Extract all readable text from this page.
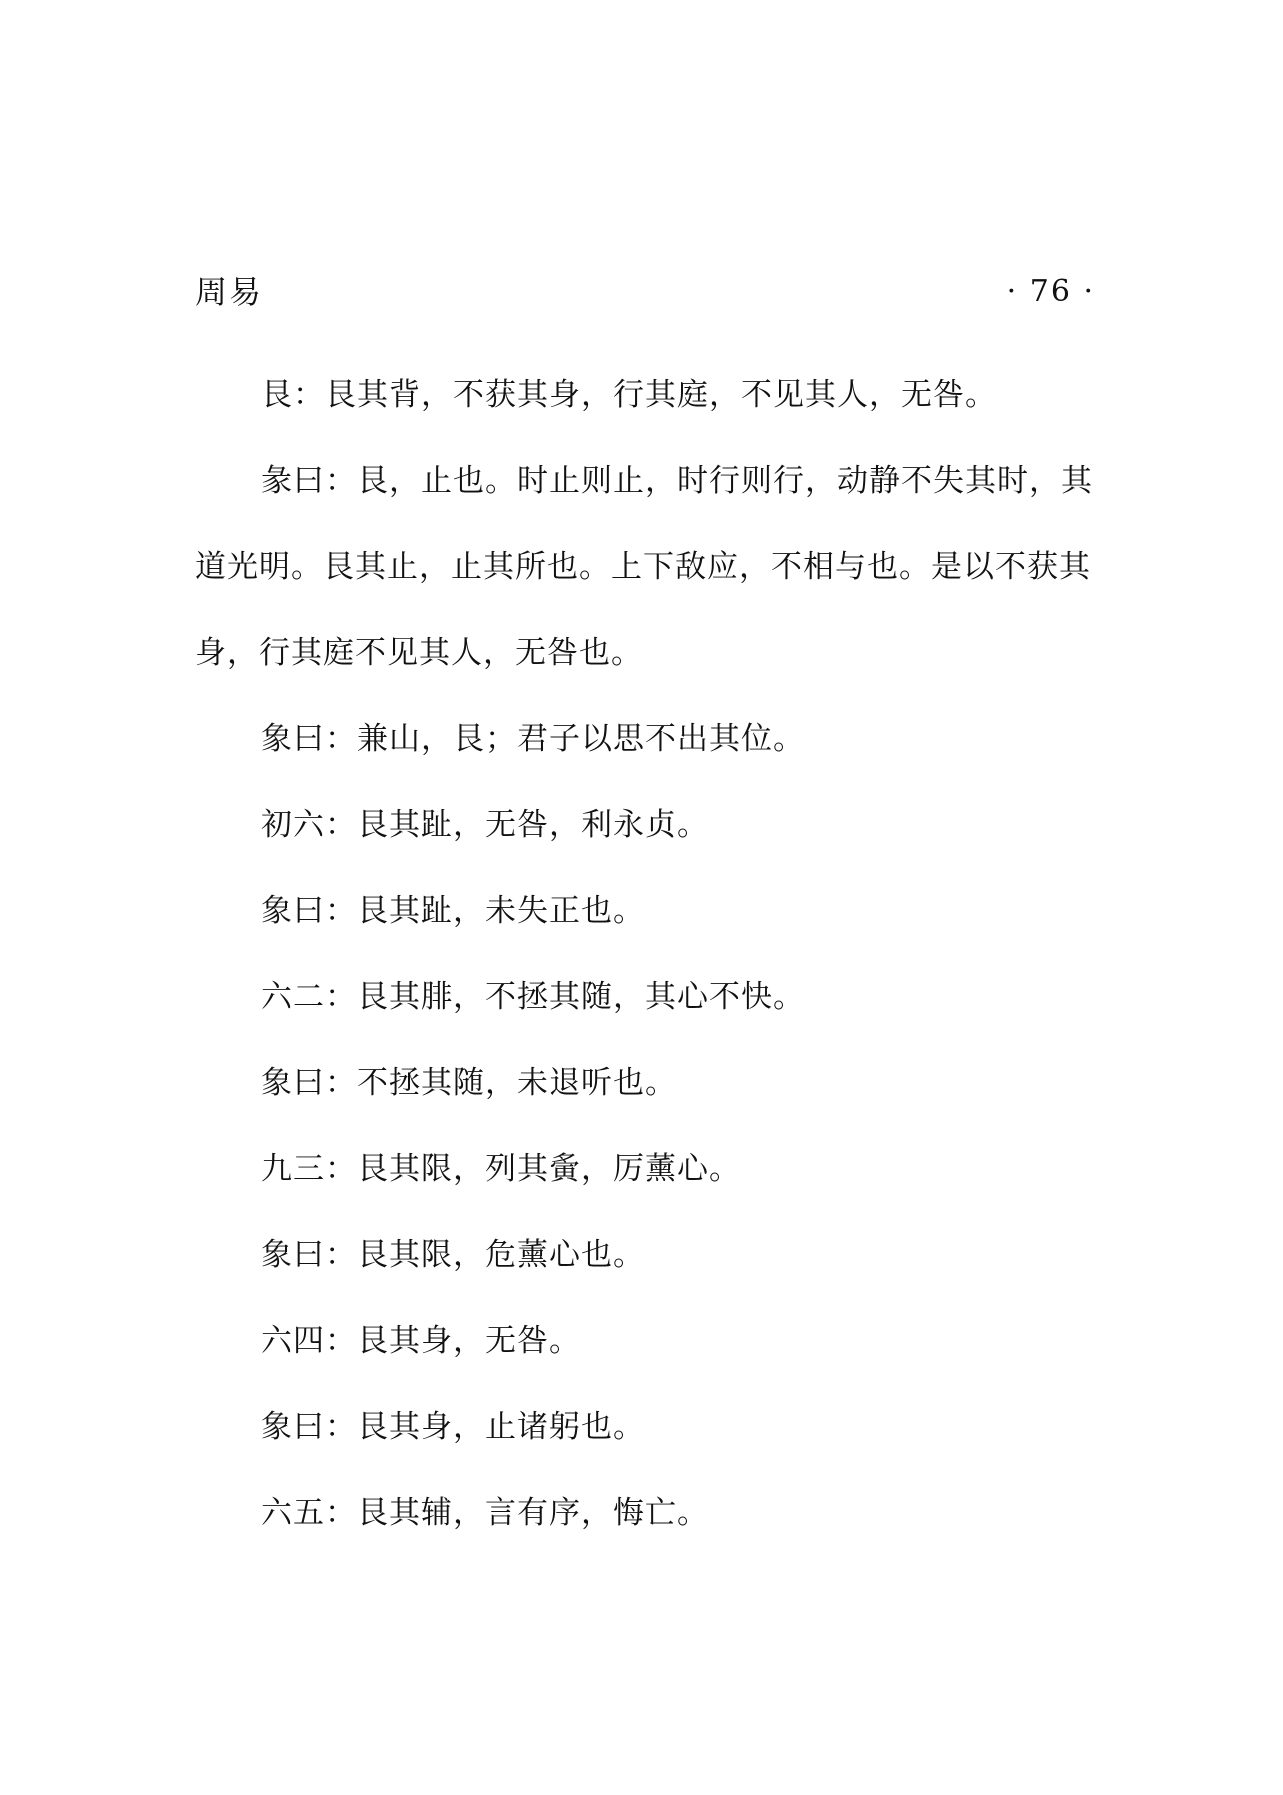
周易	· 76 ·

艮：艮其背，不获其身，行其庭，不见其人，无咎。

彖曰：艮，止也。时止则止，时行则行，动静不失其时，其道光明。艮其止，止其所也。上下敌应，不相与也。是以不获其身，行其庭不见其人，无咎也。

象曰：兼山，艮；君子以思不出其位。

初六：艮其趾，无咎，利永贞。

象曰：艮其趾，未失正也。

六二：艮其腓，不拯其随，其心不快。

象曰：不拯其随，未退听也。

九三：艮其限，列其夤，厉薰心。

象曰：艮其限，危薰心也。

六四：艮其身，无咎。

象曰：艮其身，止诸躬也。

六五：艮其辅，言有序，悔亡。
